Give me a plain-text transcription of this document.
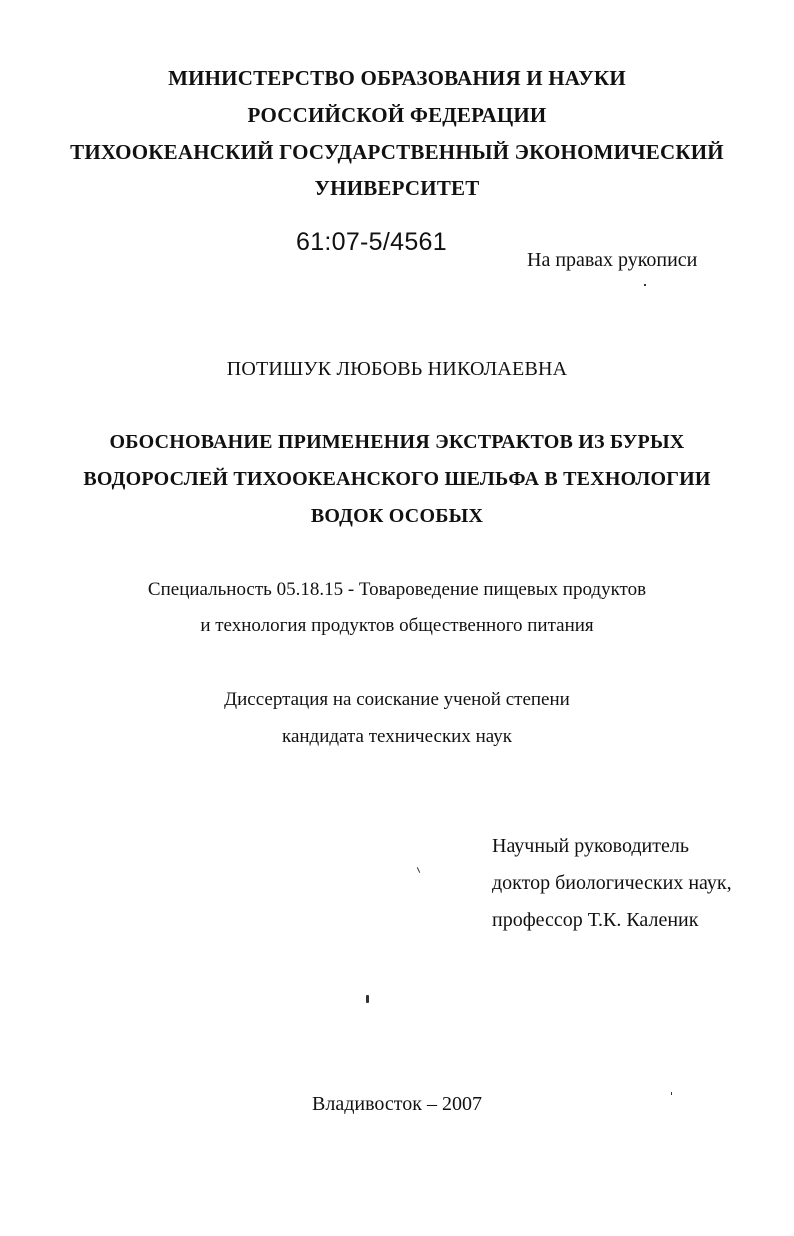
МИНИСТЕРСТВО ОБРАЗОВАНИЯ И НАУКИ
РОССИЙСКОЙ ФЕДЕРАЦИИ
ТИХООКЕАНСКИЙ ГОСУДАРСТВЕННЫЙ ЭКОНОМИЧЕСКИЙ
УНИВЕРСИТЕТ
61:07-5/4561
На правах рукописи
ПОТИШУК ЛЮБОВЬ НИКОЛАЕВНА
ОБОСНОВАНИЕ ПРИМЕНЕНИЯ ЭКСТРАКТОВ ИЗ БУРЫХ
ВОДОРОСЛЕЙ ТИХООКЕАНСКОГО ШЕЛЬФА В ТЕХНОЛОГИИ
ВОДОК ОСОБЫХ
Специальность 05.18.15 - Товароведение пищевых продуктов
и технология продуктов общественного питания
Диссертация на соискание ученой степени
кандидата технических наук
Научный руководитель
доктор биологических наук,
профессор Т.К. Каленик
Владивосток – 2007
